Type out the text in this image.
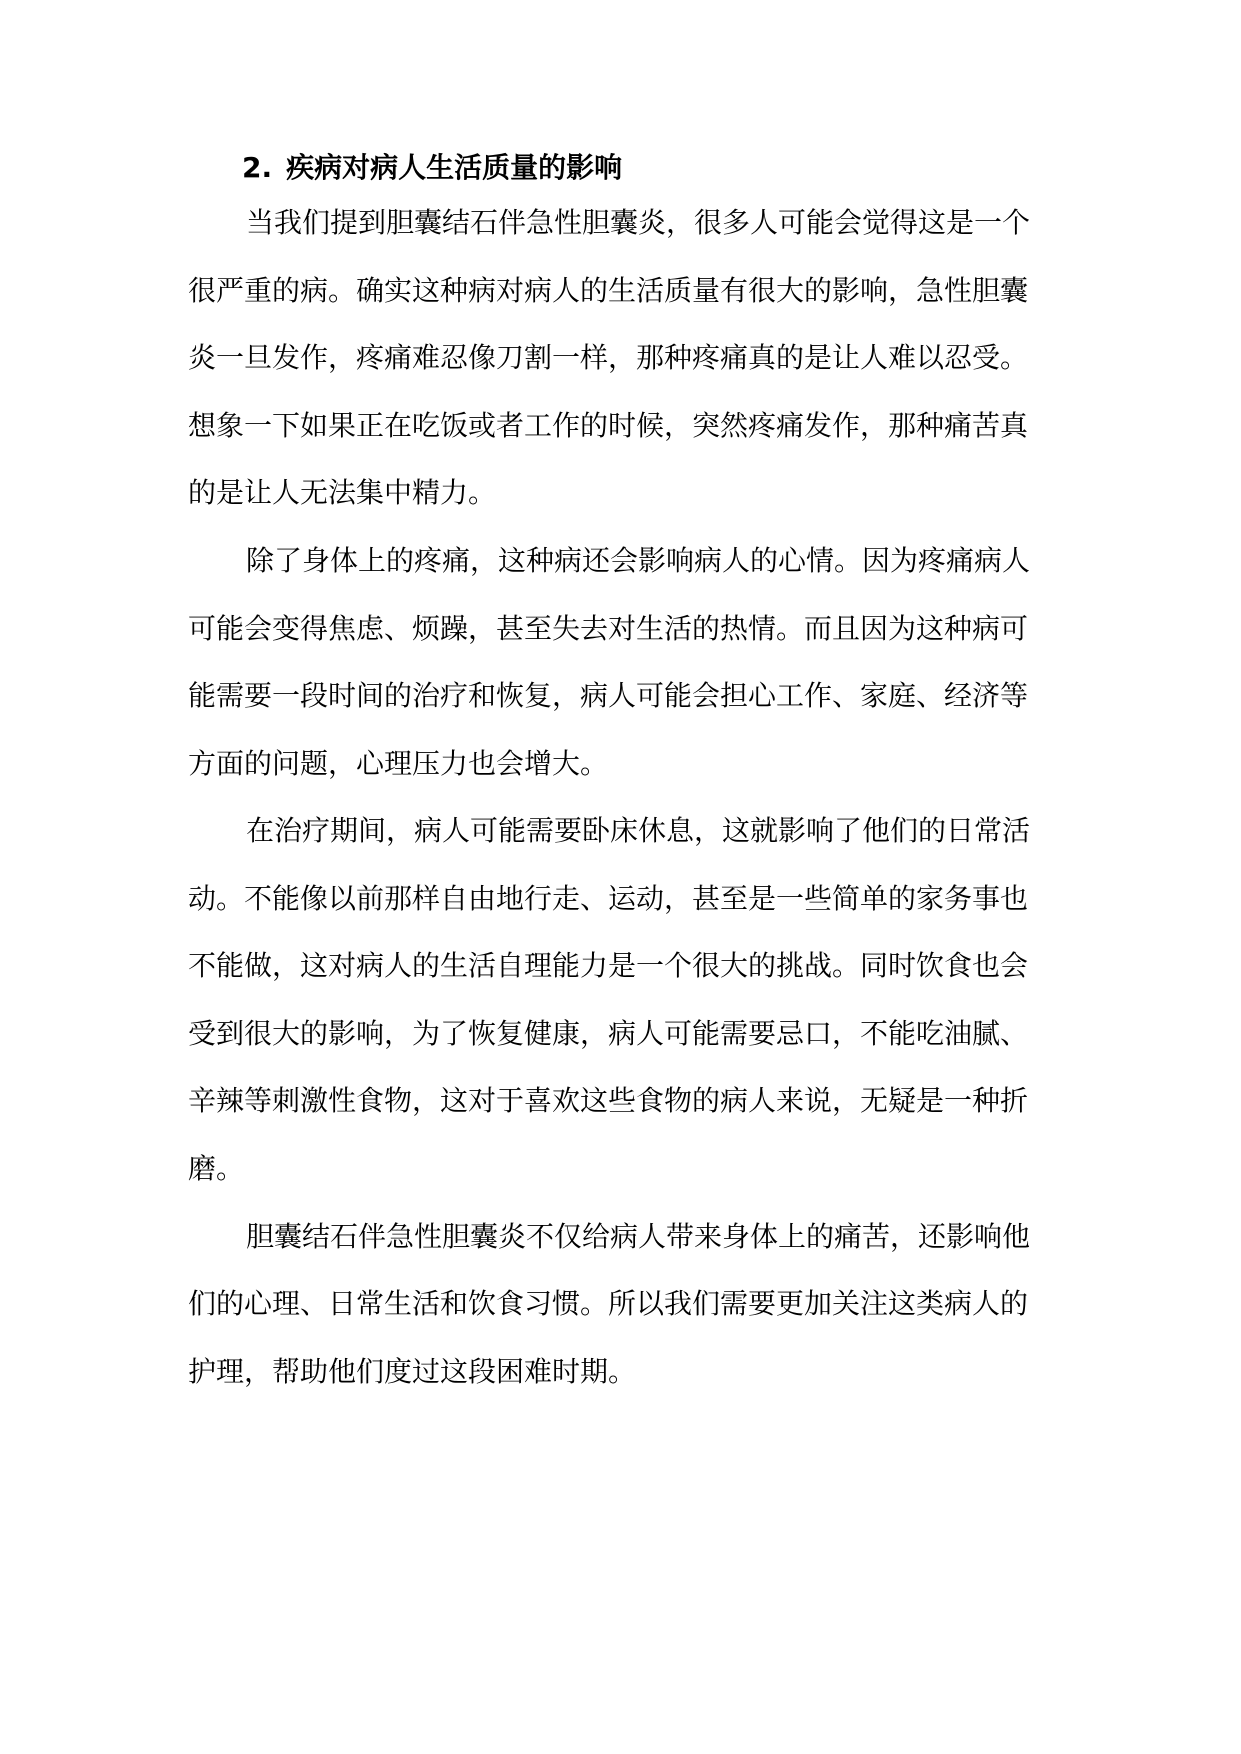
2. 疾病对病人生活质量的影响

当我们提到胆囊结石伴急性胆囊炎，很多人可能会觉得这是一个

很严重的病。确实这种病对病人的生活质量有很大的影响，急性胆囊

炎一旦发作，疼痛难忍像刀割一样，那种疼痛真的是让人难以忍受。

想象一下如果正在吃饭或者工作的时候，突然疼痛发作，那种痛苦真

的是让人无法集中精力。

除了身体上的疼痛，这种病还会影响病人的心情。因为疼痛病人

可能会变得焦虑、烦躁，甚至失去对生活的热情。而且因为这种病可

能需要一段时间的治疗和恢复，病人可能会担心工作、家庭、经济等

方面的问题，心理压力也会增大。

在治疗期间，病人可能需要卧床休息，这就影响了他们的日常活

动。不能像以前那样自由地行走、运动，甚至是一些简单的家务事也

不能做，这对病人的生活自理能力是一个很大的挑战。同时饮食也会

受到很大的影响，为了恢复健康，病人可能需要忌口，不能吃油腻、

辛辣等刺激性食物，这对于喜欢这些食物的病人来说，无疑是一种折

磨。

胆囊结石伴急性胆囊炎不仅给病人带来身体上的痛苦，还影响他

们的心理、日常生活和饮食习惯。所以我们需要更加关注这类病人的

护理，帮助他们度过这段困难时期。
